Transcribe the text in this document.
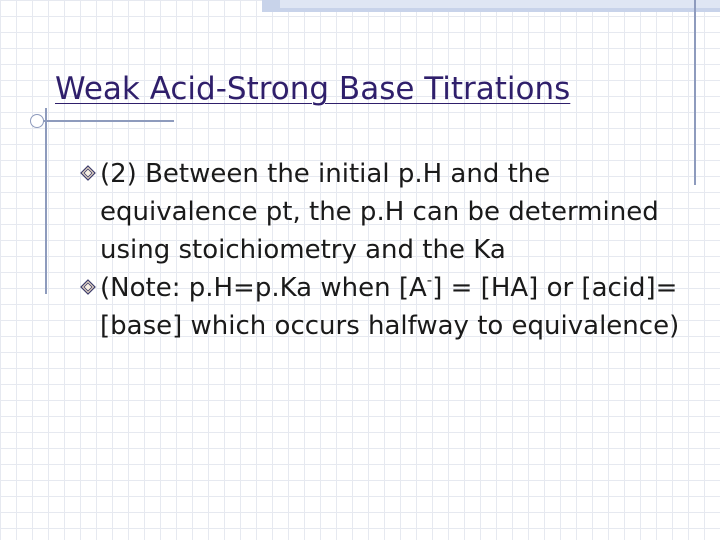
Weak Acid-Strong Base Titrations
(2) Between the initial p.H and the equivalence pt, the p.H can be determined using stoichiometry and the Ka
(Note: p.H=p.Ka when [A-] = [HA] or [acid]=[base] which occurs halfway to equivalence)
